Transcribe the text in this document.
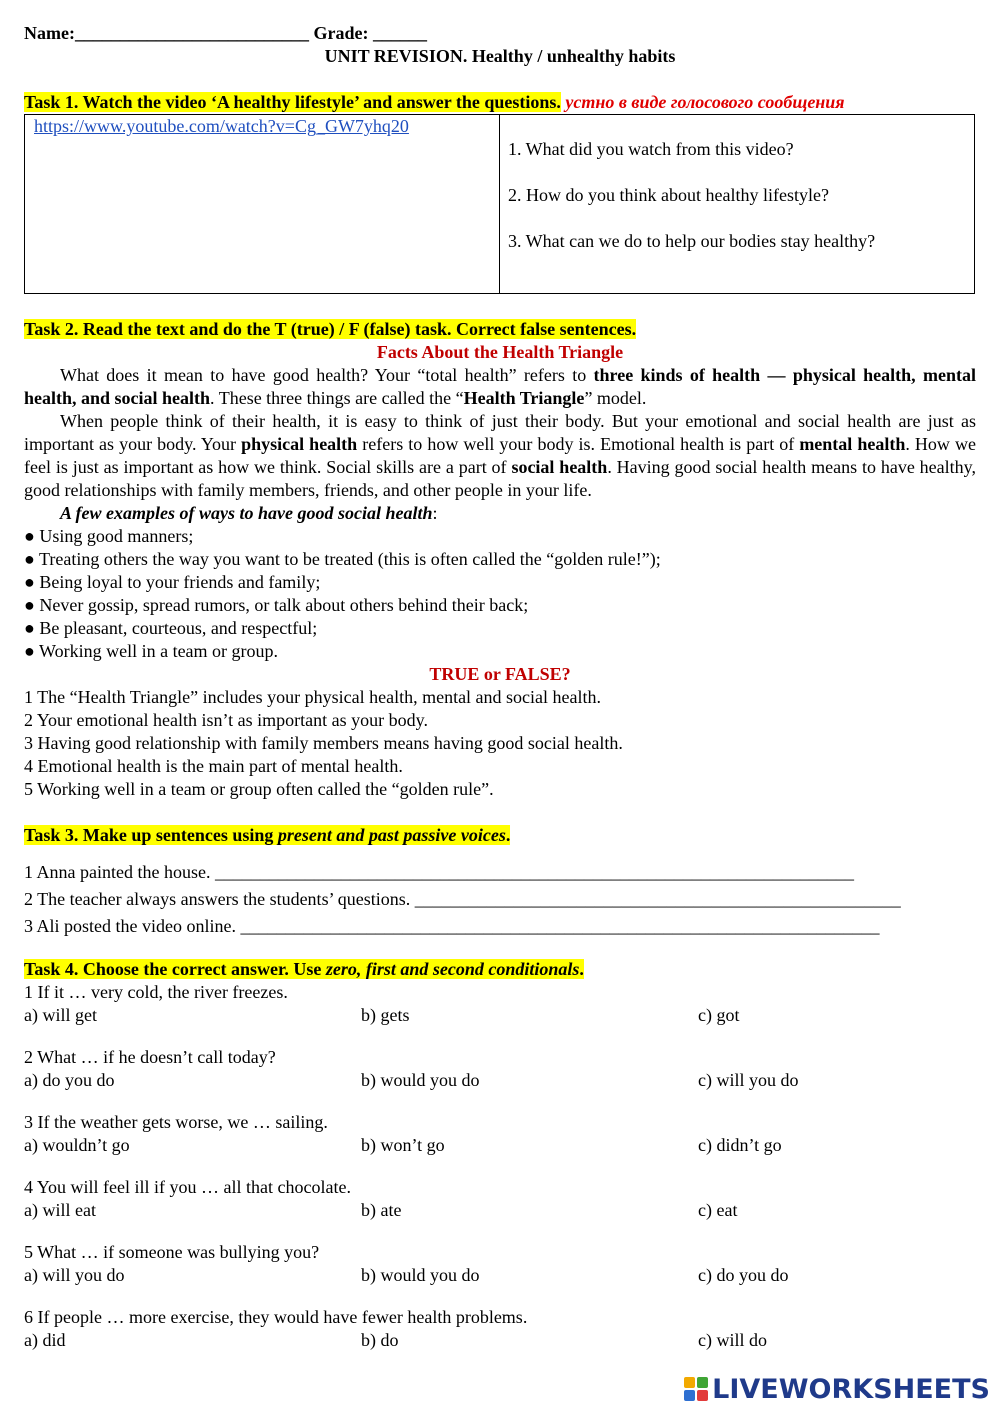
Name:__________________________ Grade: ______
UNIT REVISION. Healthy / unhealthy habits
Task 1. Watch the video ‘A healthy lifestyle’ and answer the questions. устно в виде голосового сообщения
https://www.youtube.com/watch?v=Cg_GW7yhq20

1. What did you watch from this video?
2. How do you think about healthy lifestyle?
3. What can we do to help our bodies stay healthy?
Task 2. Read the text and do the T (true) / F (false) task. Correct false sentences.
Facts About the Health Triangle
What does it mean to have good health? Your “total health” refers to three kinds of health — physical health, mental health, and social health. These three things are called the “Health Triangle” model.
When people think of their health, it is easy to think of just their body. But your emotional and social health are just as important as your body. Your physical health refers to how well your body is. Emotional health is part of mental health. How we feel is just as important as how we think. Social skills are a part of social health. Having good social health means to have healthy, good relationships with family members, friends, and other people in your life.
A few examples of ways to have good social health:
● Using good manners;
● Treating others the way you want to be treated (this is often called the “golden rule!”);
● Being loyal to your friends and family;
● Never gossip, spread rumors, or talk about others behind their back;
● Be pleasant, courteous, and respectful;
● Working well in a team or group.
TRUE or FALSE?
1 The “Health Triangle” includes your physical health, mental and social health.
2 Your emotional health isn’t as important as your body.
3 Having good relationship with family members means having good social health.
4 Emotional health is the main part of mental health.
5 Working well in a team or group often called the “golden rule”.
Task 3. Make up sentences using present and past passive voices.
1 Anna painted the house. _______________________________________________________________________
2 The teacher always answers the students’ questions. ______________________________________________________
3 Ali posted the video online. _______________________________________________________________________
Task 4. Choose the correct answer. Use zero, first and second conditionals.
1 If it … very cold, the river freezes.
a) will get	b) gets	c) got
2 What … if he doesn’t call today?
a) do you do	b) would you do	c) will you do
3 If the weather gets worse, we … sailing.
a) wouldn’t go	b) won’t go	c) didn’t go
4 You will feel ill if you … all that chocolate.
a) will eat	b) ate	c) eat
5 What … if someone was bullying you?
a) will you do	b) would you do	c) do you do
6 If people … more exercise, they would have fewer health problems.
a) did	b) do	c) will do
LIVEWORKSHEETS
